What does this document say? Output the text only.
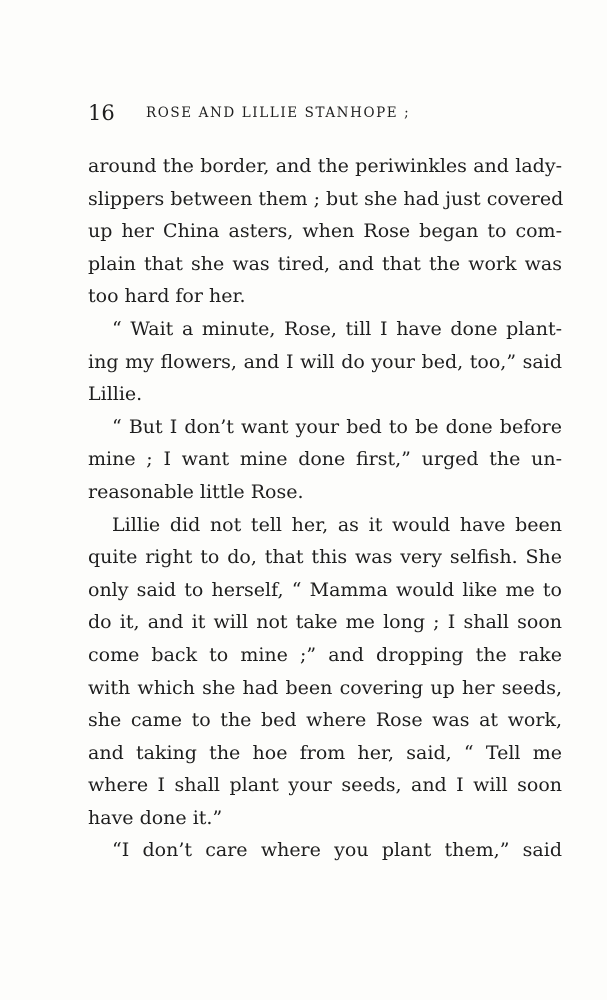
16 ROSE AND LILLIE STANHOPE ;
around the border, and the periwinkles and lady-
slippers between them ; but she had just covered
up her China asters, when Rose began to com-
plain that she was tired, and that the work was
too hard for her.
“ Wait a minute, Rose, till I have done plant-
ing my flowers, and I will do your bed, too,” said
Lillie.
“ But I don’t want your bed to be done before
mine ; I want mine done first,” urged the un-
reasonable little Rose.
Lillie did not tell her, as it would have been
quite right to do, that this was very selfish. She
only said to herself, “ Mamma would like me to
do it, and it will not take me long ; I shall soon
come back to mine ;” and dropping the rake
with which she had been covering up her seeds,
she came to the bed where Rose was at work,
and taking the hoe from her, said, “ Tell me
where I shall plant your seeds, and I will soon
have done it.”
“I don’t care where you plant them,” said
